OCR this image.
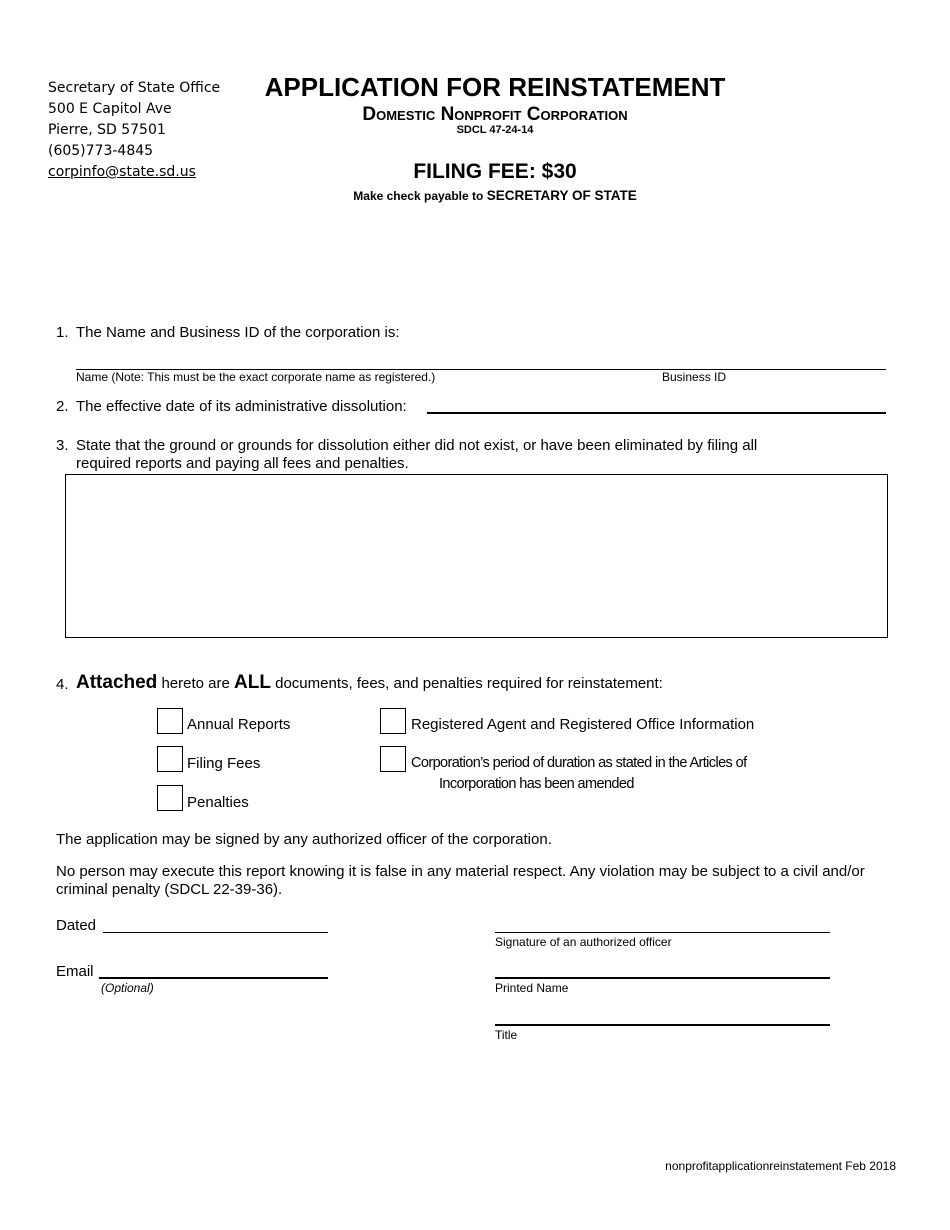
Secretary of State Office
500 E Capitol Ave
Pierre, SD 57501
(605)773-4845
corpinfo@state.sd.us
APPLICATION FOR REINSTATEMENT
Domestic Nonprofit Corporation
SDCL 47-24-14
FILING FEE: $30
Make check payable to SECRETARY OF STATE
1. The Name and Business ID of the corporation is:
Name (Note: This must be the exact corporate name as registered.)	Business ID
2. The effective date of its administrative dissolution:
3. State that the ground or grounds for dissolution either did not exist, or have been eliminated by filing all
required reports and paying all fees and penalties.
4. Attached hereto are ALL documents, fees, and penalties required for reinstatement:
Annual Reports
Filing Fees
Penalties
Registered Agent and Registered Office Information
Corporation’s period of duration as stated in the Articles of
Incorporation has been amended
The application may be signed by any authorized officer of the corporation.
No person may execute this report knowing it is false in any material respect. Any violation may be subject to a civil and/or
criminal penalty (SDCL 22-39-36).
Dated
Email
(Optional)
Signature of an authorized officer
Printed Name
Title
nonprofitapplicationreinstatement Feb 2018
